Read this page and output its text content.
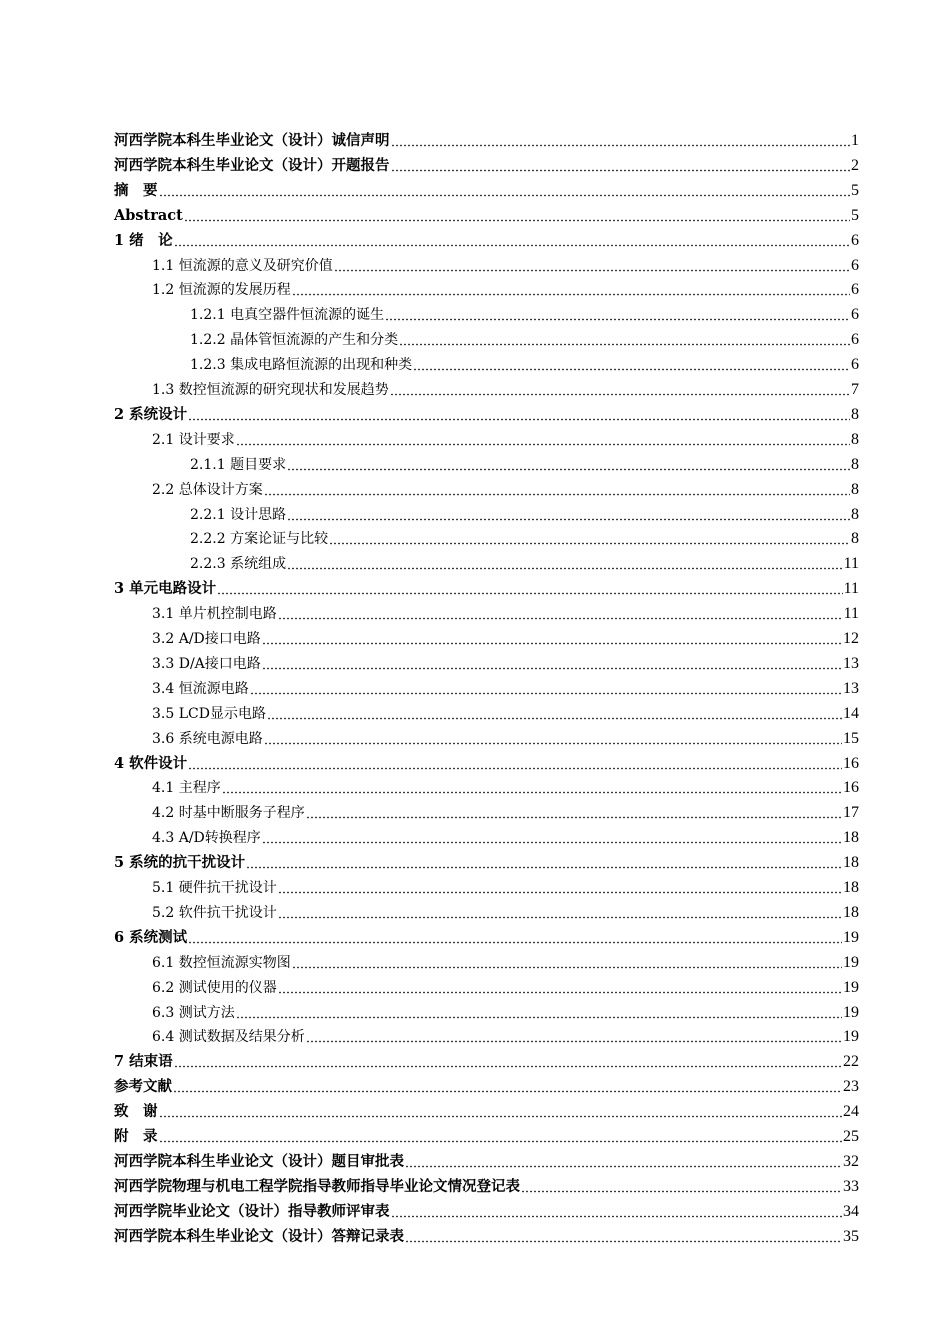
河西学院本科生毕业论文（设计）诚信声明	1
河西学院本科生毕业论文（设计）开题报告	2
摘　要	5
Abstract	5
1 绪　论	6
1.1 恒流源的意义及研究价值	6
1.2 恒流源的发展历程	6
1.2.1 电真空器件恒流源的诞生	6
1.2.2 晶体管恒流源的产生和分类	6
1.2.3 集成电路恒流源的出现和种类	6
1.3 数控恒流源的研究现状和发展趋势	7
2 系统设计	8
2.1 设计要求	8
2.1.1 题目要求	8
2.2 总体设计方案	8
2.2.1 设计思路	8
2.2.2 方案论证与比较	8
2.2.3 系统组成	11
3 单元电路设计	11
3.1 单片机控制电路	11
3.2 A/D接口电路	12
3.3 D/A接口电路	13
3.4 恒流源电路	13
3.5 LCD显示电路	14
3.6 系统电源电路	15
4 软件设计	16
4.1 主程序	16
4.2 时基中断服务子程序	17
4.3 A/D转换程序	18
5 系统的抗干扰设计	18
5.1 硬件抗干扰设计	18
5.2 软件抗干扰设计	18
6 系统测试	19
6.1 数控恒流源实物图	19
6.2 测试使用的仪器	19
6.3 测试方法	19
6.4 测试数据及结果分析	19
7 结束语	22
参考文献	23
致　谢	24
附　录	25
河西学院本科生毕业论文（设计）题目审批表	32
河西学院物理与机电工程学院指导教师指导毕业论文情况登记表	33
河西学院毕业论文（设计）指导教师评审表	34
河西学院本科生毕业论文（设计）答辩记录表	35
